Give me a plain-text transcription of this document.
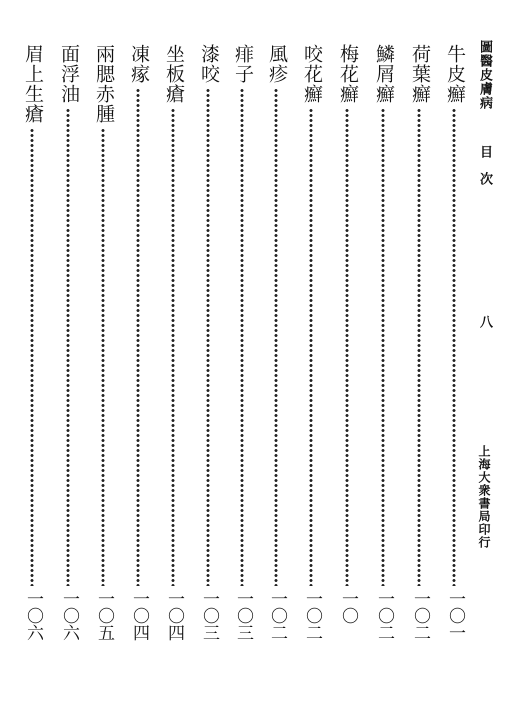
圖醫皮膚病
目次
八
上海大衆書局印行
牛皮癬
一〇一
荷葉癬
一〇二
鱗屑癬
一〇二
梅花癬
一〇
咬花癬
一〇二
風疹
一〇二
痱子
一〇三
漆咬
一〇三
坐板瘡
一〇四
凍瘃
一〇四
兩腮赤腫
一〇五
面浮油
一〇六
眉上生瘡
一〇六
